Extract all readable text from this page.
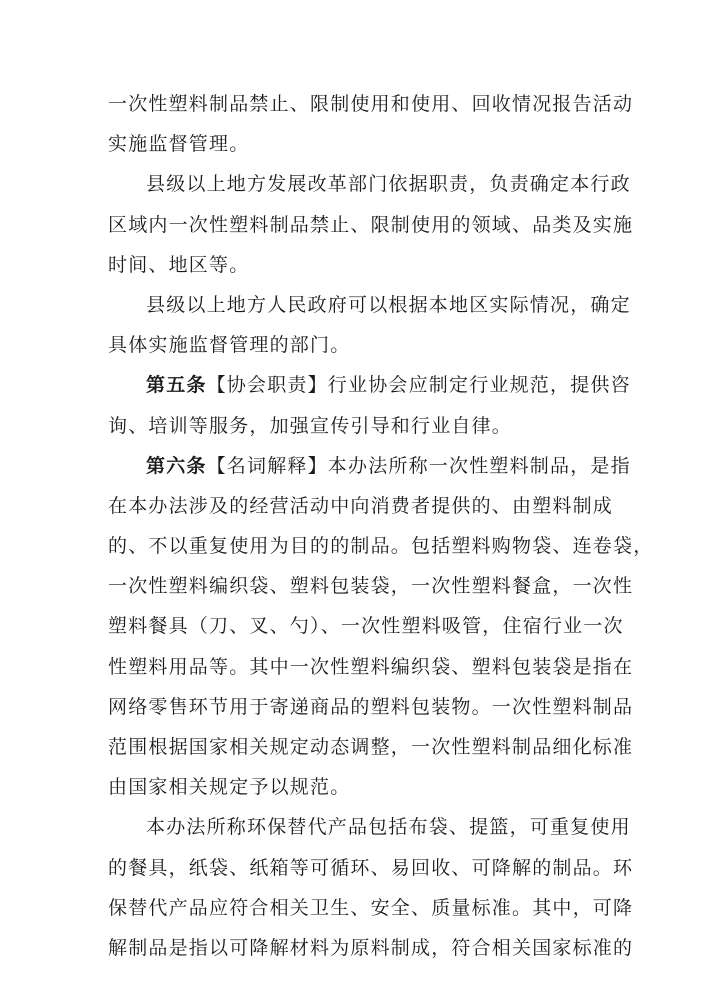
一次性塑料制品禁止、限制使用和使用、回收情况报告活动
实施监督管理。
县级以上地方发展改革部门依据职责，负责确定本行政
区域内一次性塑料制品禁止、限制使用的领域、品类及实施
时间、地区等。
县级以上地方人民政府可以根据本地区实际情况，确定
具体实施监督管理的部门。
第五条【协会职责】行业协会应制定行业规范，提供咨
询、培训等服务，加强宣传引导和行业自律。
第六条【名词解释】本办法所称一次性塑料制品，是指
在本办法涉及的经营活动中向消费者提供的、由塑料制成
的、不以重复使用为目的的制品。包括塑料购物袋、连卷袋，
一次性塑料编织袋、塑料包装袋，一次性塑料餐盒，一次性
塑料餐具（刀、叉、勺）、一次性塑料吸管，住宿行业一次
性塑料用品等。其中一次性塑料编织袋、塑料包装袋是指在
网络零售环节用于寄递商品的塑料包装物。一次性塑料制品
范围根据国家相关规定动态调整，一次性塑料制品细化标准
由国家相关规定予以规范。
本办法所称环保替代产品包括布袋、提篮，可重复使用
的餐具，纸袋、纸箱等可循环、易回收、可降解的制品。环
保替代产品应符合相关卫生、安全、质量标准。其中，可降
解制品是指以可降解材料为原料制成，符合相关国家标准的
